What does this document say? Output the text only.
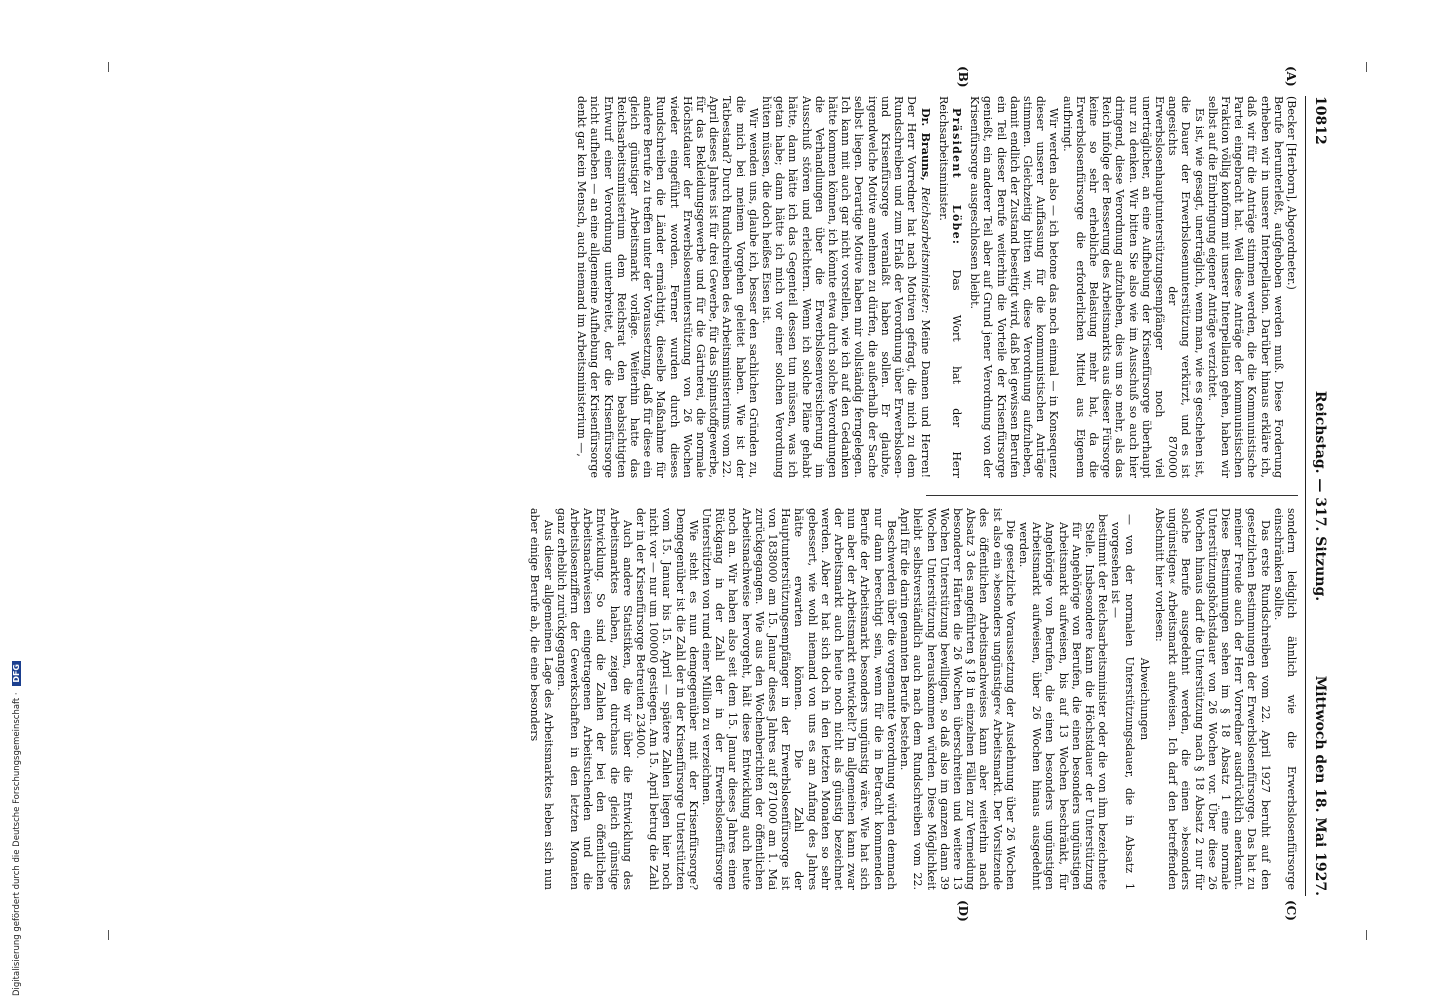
Digitalisierung gefördert durch die Deutsche Forschungsgemeinschaft · DFG
10812
Reichstag. — 317. Sitzung.
Mittwoch den 18. Mai 1927.
(A)
(B)
(C)
(D)

(Becker [Herborn], Abgeordneter.)

Berufe herunterleßt, aufgehoben werden muß. Diese Forderung erheben wir in unserer Interpellation. Darüber hinaus erkläre ich, daß wir für die Anträge stimmen werden, die die Kommunistische Partei eingebracht hat. Weil diese Anträge der kommunistischen Fraktion völlig konform mit unserer Interpellation gehen, haben wir selbst auf die Einbringung eigener Anträge verzichtet.

Es ist, wie gesagt, unerträglich, wenn man, wie es geschehen ist, die Dauer der Erwerbslosenunterstützung verkürzt, und es ist angesichts der 870000 Erwerbslosenhauptunterstützungsempfänger noch viel unerträglicher, an eine Aufhebung der Krisenfürsorge überhaupt nur zu denken. Wir bitten Sie also wie im Ausschuß so auch hier dringend, diese Verordnung aufzuheben, dies um so mehr, als das Reich infolge der Besserung des Arbeitsmarkts aus dieser Fürsorge keine so sehr erhebliche Belastung mehr hat, da die Erwerbslosenfürsorge die erforderlichen Mittel aus Eigenem aufbringt.

Wir werden also — ich betone das noch einmal — in Konsequenz dieser unserer Auffassung für die kommunistischen Anträge stimmen. Gleichzeitig bitten wir, diese Verordnung aufzuheben, damit endlich der Zustand beseitigt wird, daß bei gewissen Berufen ein Teil dieser Berufe weiterhin die Vorteile der Krisenfürsorge genießt, ein anderer Teil aber auf Grund jener Verordnung von der Krisenfürsorge ausgeschlossen bleibt.

Präsident Löbe: Das Wort hat der Herr Reichsarbeitsminister.

Dr. Brauns, Reichsarbeitsminister: Meine Damen und Herren! Der Herr Vorredner hat nach Motiven gefragt, die mich zu dem Rundschreiben und zum Erlaß der Verordnung über Erwerbslosen- und Krisenfürsorge veranlaßt haben sollen. Er glaubte, irgendwelche Motive annehmen zu dürfen, die außerhalb der Sache selbst liegen. Derartige Motive haben mir vollständig ferngelegen. Ich kann mit auch gar nicht vorstellen, wie ich auf den Gedanken hätte kommen können, ich könnte etwa durch solche Verordnungen die Verhandlungen über die Erwerbslosenversicherung im Ausschuß stören und erleichtern. Wenn ich solche Pläne gehabt hätte, dann hätte ich das Gegenteil dessen tun müssen, was ich getan habe; dann hätte ich mich vor einer solchen Verordnung hüten müssen, die doch heißes Eisen ist.

Wir wenden uns, glaube ich, besser den sachlichen Gründen zu, die mich bei meinem Vorgehen geleitet haben. Wie ist der Tatbestand? Durch Rundschreiben des Arbeitsministeriums vom 22. April dieses Jahres ist für drei Gewerbe, für das Spinnstoffgewerbe, für das Bekleidungsgewerbe und für die Gärtnerei, die normale Höchstdauer der Erwerbslosenunterstützung von 26 Wochen wieder eingeführt worden. Ferner wurden durch dieses Rundschreiben die Länder ermächtigt, dieselbe Maßnahme für andere Berufe zu treffen unter der Voraussetzung, daß für diese ein gleich günstiger Arbeitsmarkt vorläge. Weiterhin hatte das Reichsarbeitsministerium dem Reichsrat den beabsichtigten Entwurf einer Verordnung unterbreitet, der die Krisenfürsorge nicht aufheben — an eine allgemeine Aufhebung der Krisenfürsorge denkt gar kein Mensch, auch niemand im Arbeitsministerium —,

sondern lediglich ähnlich wie die Erwerbslosenfürsorge einschränken sollte.

Das erste Rundschreiben vom 22. April 1927 beruht auf den gesetzlichen Bestimmungen der Erwerbslosenfürsorge. Das hat zu meiner Freude auch der Herr Vorredner ausdrücklich anerkannt. Diese Bestimmungen sehen im § 18 Absatz 1 eine normale Unterstützungshöchstdauer von 26 Wochen vor. Über diese 26 Wochen hinaus darf die Unterstützung nach § 18 Absatz 2 nur für solche Berufe ausgedehnt werden, die einen »besonders ungünstigen« Arbeitsmarkt aufweisen. Ich darf den betreffenden Abschnitt hier vorlesen:

Abweichungen

— von der normalen Unterstützungsdauer, die in Absatz 1 vorgesehen ist —

bestimmt der Reichsarbeitsminister oder die von ihm bezeichnete Stelle. Insbesondere kann die Höchstdauer der Unterstützung für Angehörige von Berufen, die einen besonders ungünstigen Arbeitsmarkt aufweisen, bis auf 13 Wochen beschränkt, für Angehörige von Berufen, die einen besonders ungünstigen Arbeitsmarkt aufweisen, über 26 Wochen hinaus ausgedehnt werden.

Die gesetzliche Voraussetzung der Ausdehnung über 26 Wochen ist also ein »besonders ungünstiger« Arbeitsmarkt. Der Vorsitzende des öffentlichen Arbeitsnachweises kann aber weiterhin nach Absatz 3 des angeführten § 18 in einzelnen Fällen zur Vermeidung besonderer Härten die 26 Wochen überschreiten und weitere 13 Wochen Unterstützung bewilligen, so daß also im ganzen dann 39 Wochen Unterstützung herauskommen würden. Diese Möglichkeit bleibt selbstverständlich auch nach dem Rundschreiben vom 22. April für die darin genannten Berufe bestehen.

Beschwerden über die vorgenannte Verordnung würden demnach nur dann berechtigt sein, wenn für die in Betracht kommenden Berufe der Arbeitsmarkt besonders ungünstig wäre. Wie hat sich nun aber der Arbeitsmarkt entwickelt? Im allgemeinen kann zwar der Arbeitsmarkt auch heute noch nicht als günstig bezeichnet werden. Aber er hat sich doch in den letzten Monaten so sehr gebessert, wie wohl niemand von uns es am Anfang des Jahres hätte erwarten können. Die Zahl der Hauptunterstützungsempfänger in der Erwerbslosenfürsorge ist von 1838000 am 15. Januar dieses Jahres auf 871000 am 1. Mai zurückgegangen. Wie aus den Wochenberichten der öffentlichen Arbeitsnachweise hervorgeht, hält diese Entwicklung auch heute noch an. Wir haben also seit dem 15. Januar dieses Jahres einen Rückgang in der Zahl der in der Erwerbslosenfürsorge Unterstützten von rund einer Million zu verzeichnen.

Wie steht es nun demgegenüber mit der Krisenfürsorge? Demgegenüber ist die Zahl der in der Krisenfürsorge Unterstützten vom 15. Januar bis 15. April — spätere Zahlen liegen hier noch nicht vor — nur um 100000 gestiegen. Am 15. April betrug die Zahl der in der Krisenfürsorge Betreuten 234000.

Auch andere Statistiken, die wir über die Entwicklung des Arbeitsmarktes haben, zeigen durchaus die gleich günstige Entwicklung. So sind die Zahlen der bei den öffentlichen Arbeitsnachweisen eingetragenen Arbeitsuchenden und die Arbeitslosenziffern der Gewerkschaften in den letzten Monaten ganz erheblich zurückgegangen.

Aus dieser allgemeinen Lage des Arbeitsmarktes heben sich nun aber einige Berufe ab, die eine besonders
